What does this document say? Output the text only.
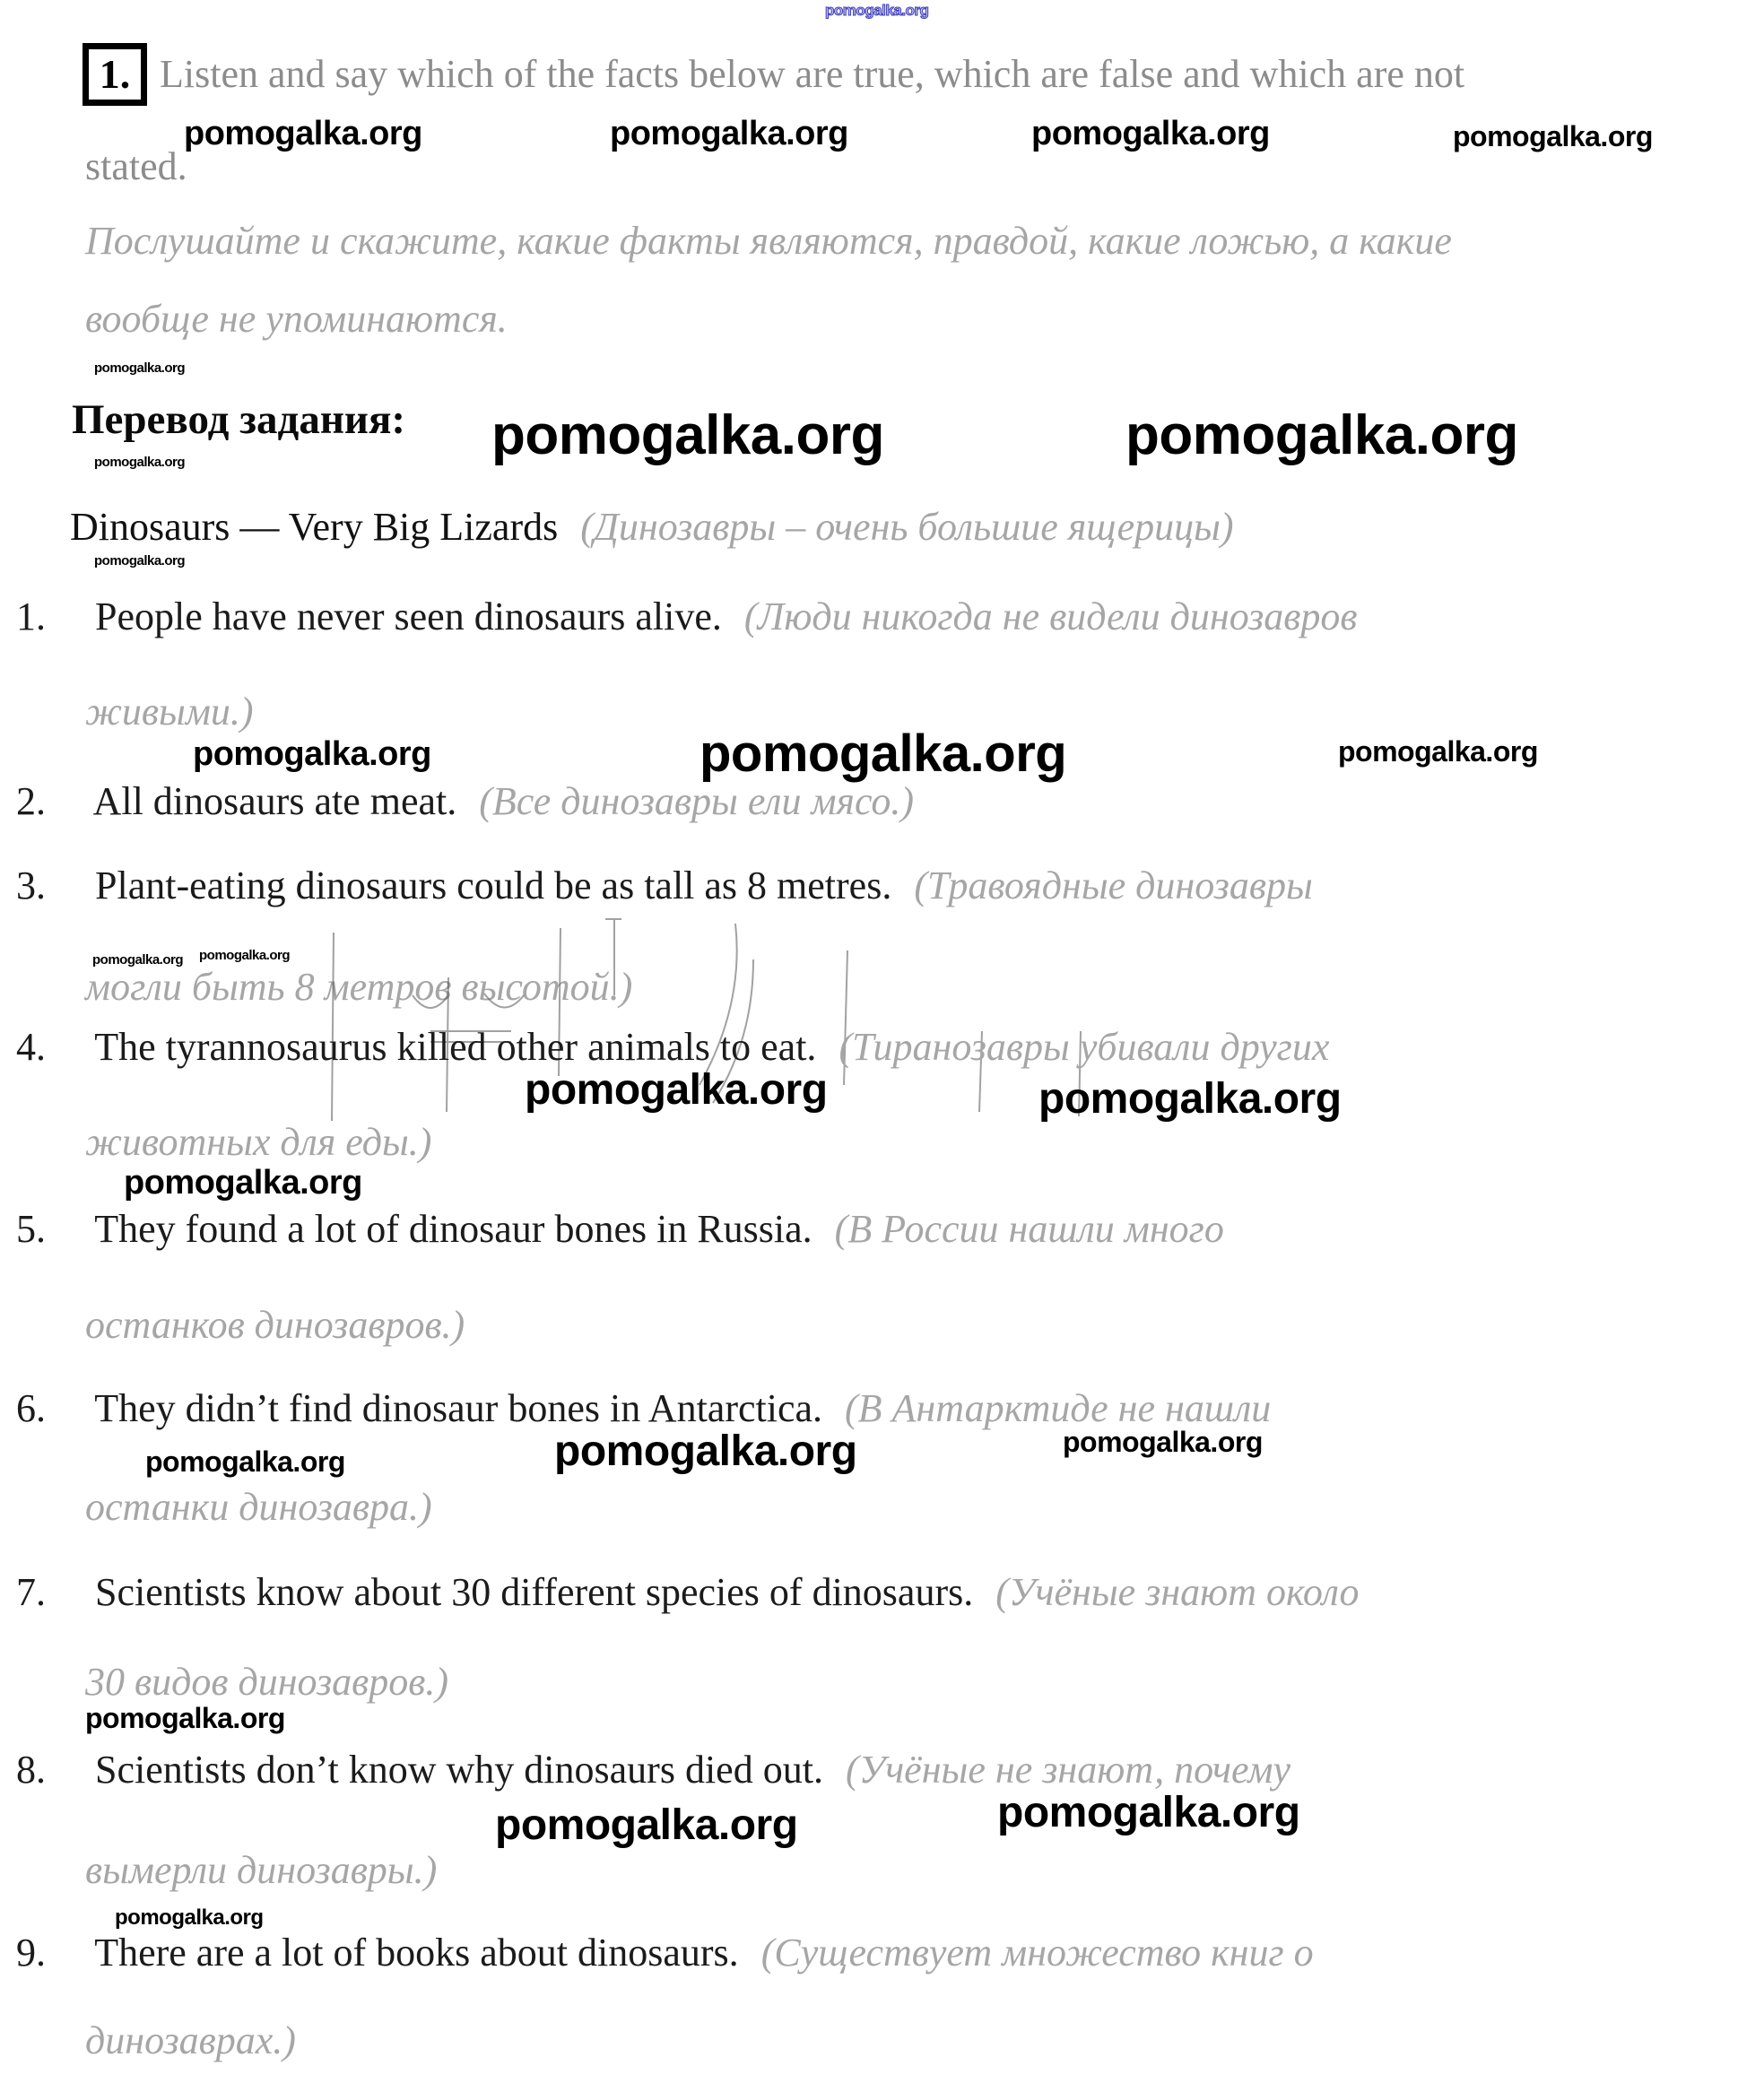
pomogalka.org
1. Listen and say which of the facts below are true, which are false and which are not
pomogalka.org	pomogalka.org	pomogalka.org	pomogalka.org
stated.
Послушайте и скажите, какие факты являются, правдой, какие ложью, а какие
вообще не упоминаются.
pomogalka.org
Перевод задания: pomogalka.org	pomogalka.org
pomogalka.org
Dinosaurs — Very Big Lizards (Динозавры – очень большие ящерицы)
pomogalka.org
1. People have never seen dinosaurs alive. (Люди никогда не видели динозавров
живыми.)
pomogalka.org	pomogalka.org	pomogalka.org
2. All dinosaurs ate meat. (Все динозавры ели мясо.)
3. Plant-eating dinosaurs could be as tall as 8 metres. (Травоядные динозавры
pomogalka.org pomogalka.org
могли быть 8 метров высотой.)
4. The tyrannosaurus killed other animals to eat. (Тиранозавры убивали других
pomogalka.org	pomogalka.org
животных для еды.)
pomogalka.org
5. They found a lot of dinosaur bones in Russia. (В России нашли много
останков динозавров.)
6. They didn’t find dinosaur bones in Antarctica. (В Антарктиде не нашли
pomogalka.org	pomogalka.org
pomogalka.org
останки динозавра.)
7. Scientists know about 30 different species of dinosaurs. (Учёные знают около
30 видов динозавров.)
pomogalka.org
8. Scientists don’t know why dinosaurs died out. (Учёные не знают, почему
pomogalka.org
pomogalka.org
вымерли динозавры.)
pomogalka.org
9. There are a lot of books about dinosaurs. (Существует множество книг о
динозаврах.)
